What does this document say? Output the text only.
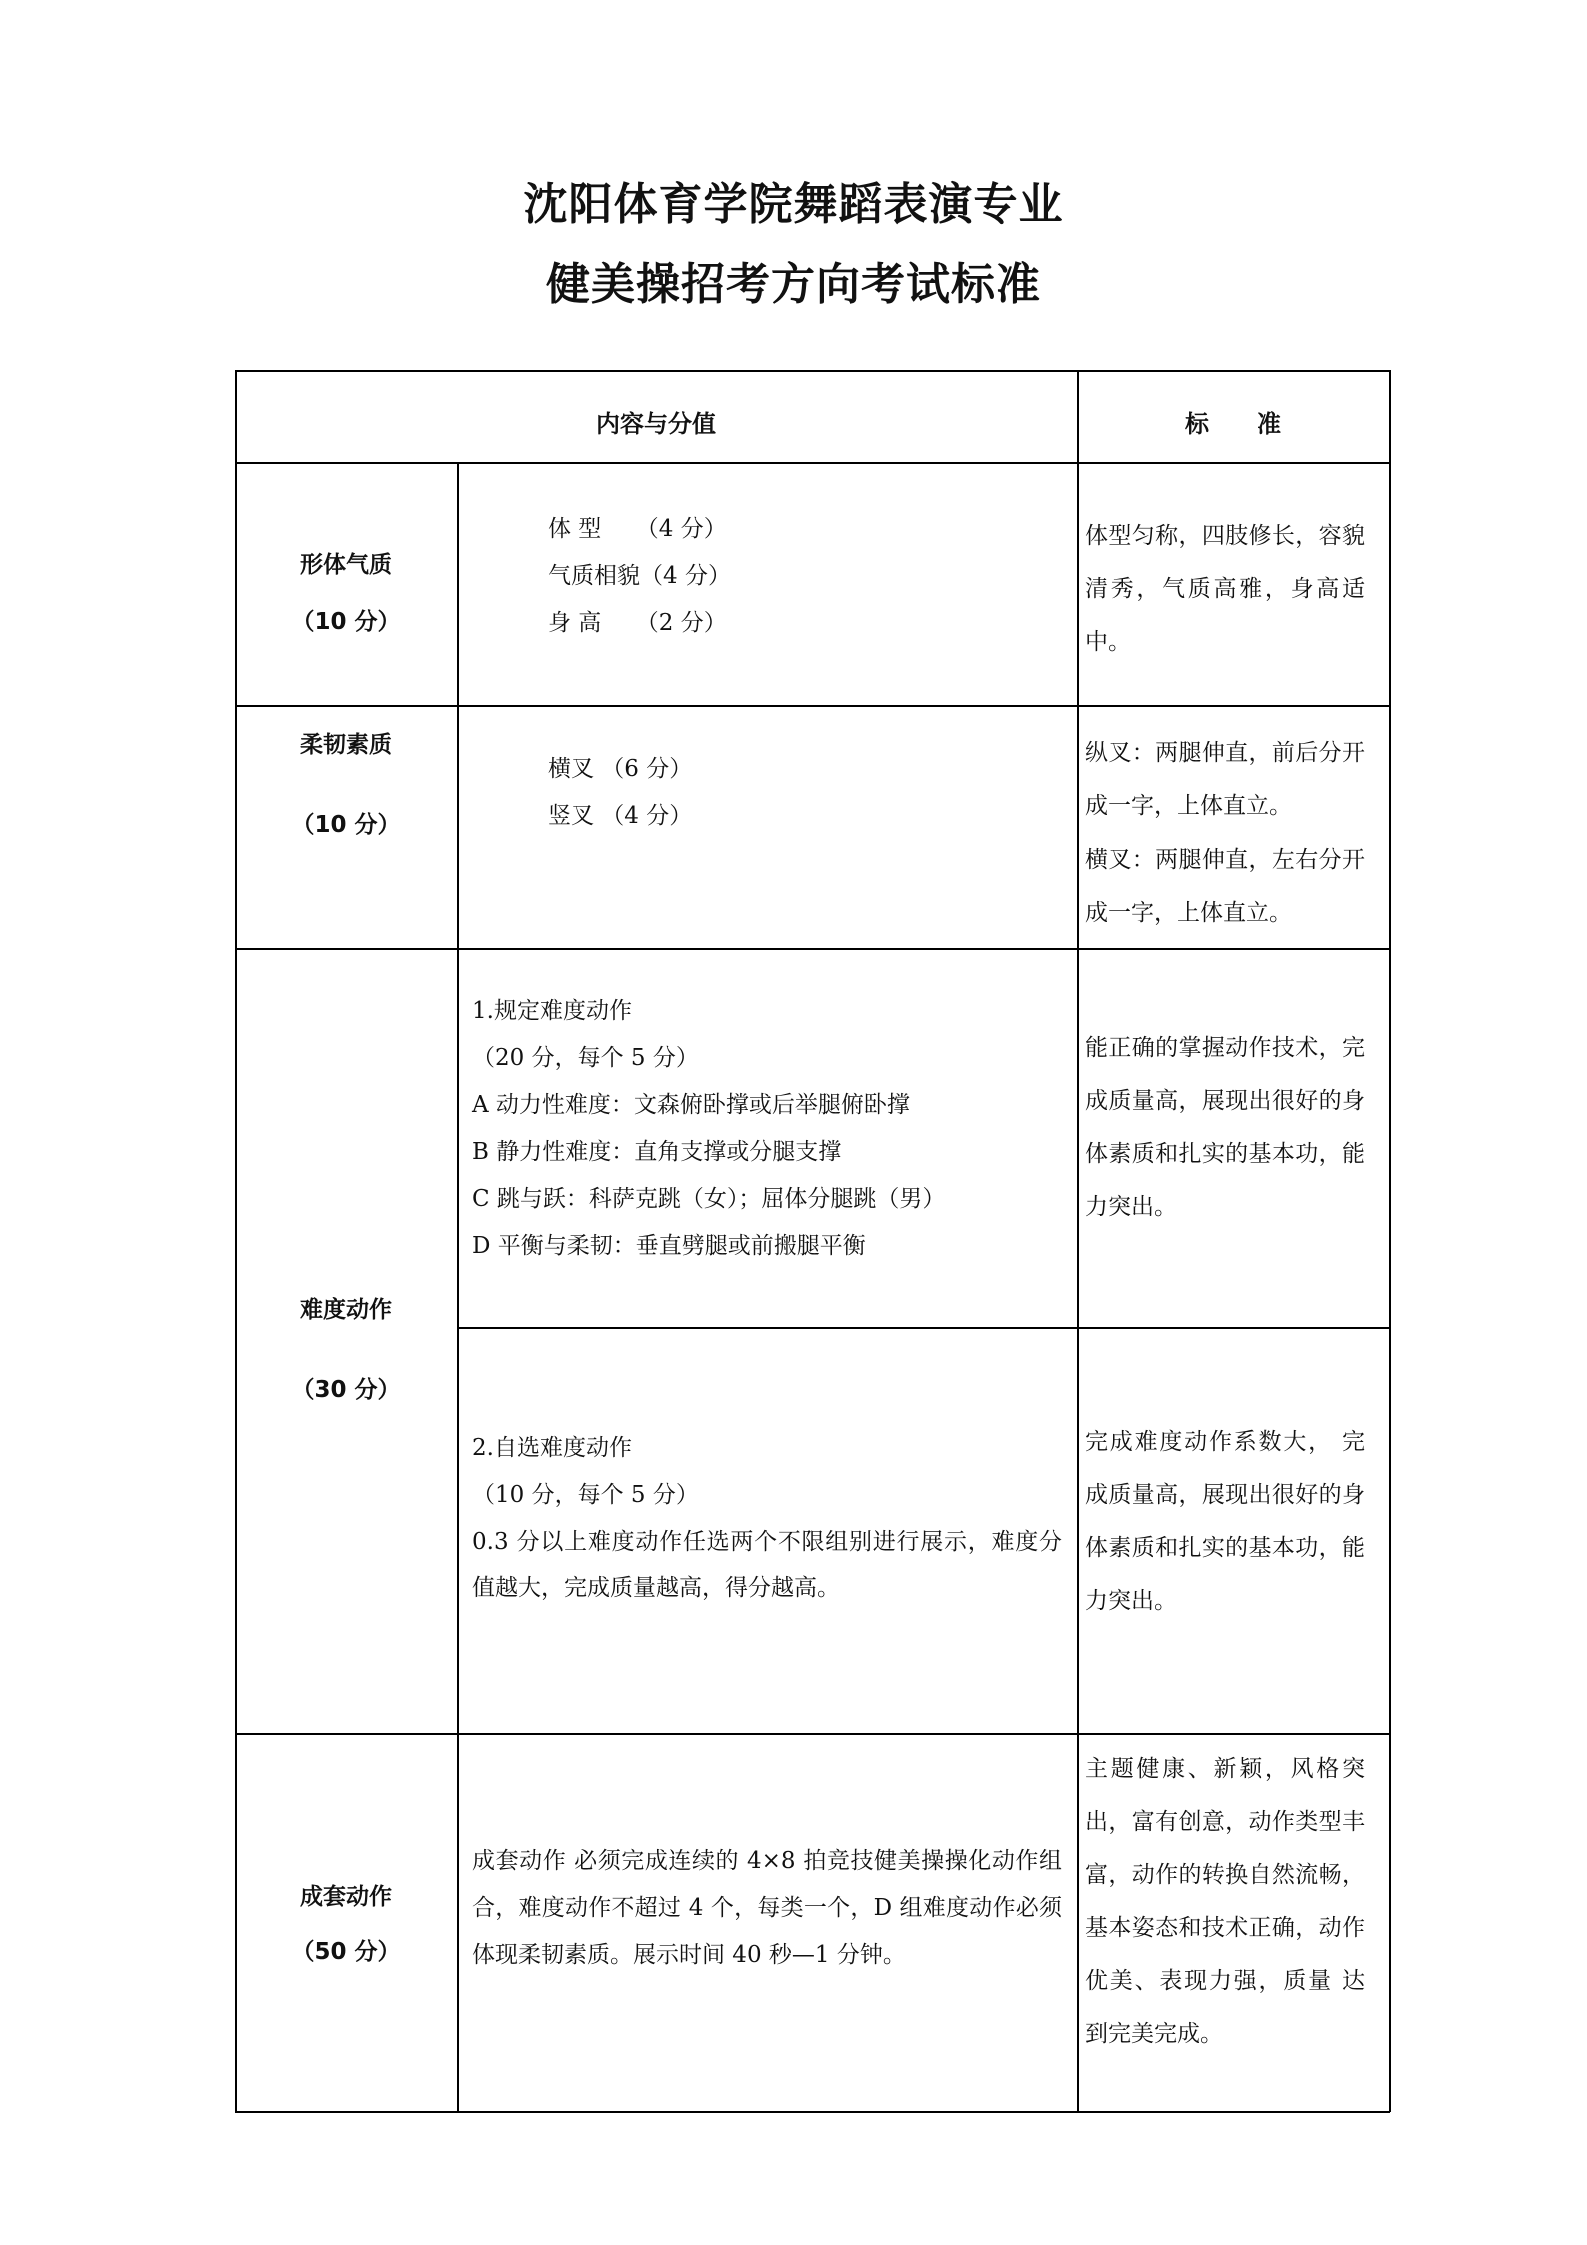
沈阳体育学院舞蹈表演专业
健美操招考方向考试标准
内容与分值	标　　准
形体气质
（10 分）
体 型　　（4 分）
气质相貌（4 分）
身 高　　（2 分）
体型匀称，四肢修长，容貌清秀，气质高雅，身高适中。
柔韧素质
（10 分）
横叉 （6 分）
竖叉 （4 分）
纵叉：两腿伸直，前后分开成一字，上体直立。
横叉：两腿伸直，左右分开成一字，上体直立。
难度动作
（30 分）
1.规定难度动作
（20 分，每个 5 分）
A 动力性难度：文森俯卧撑或后举腿俯卧撑
B 静力性难度：直角支撑或分腿支撑
C 跳与跃：科萨克跳（女）；屈体分腿跳（男）
D 平衡与柔韧：垂直劈腿或前搬腿平衡
能正确的掌握动作技术，完成质量高，展现出很好的身体素质和扎实的基本功，能力突出。
2.自选难度动作
（10 分，每个 5 分）
0.3 分以上难度动作任选两个不限组别进行展示，难度分值越大，完成质量越高，得分越高。
完成难度动作系数大， 完成质量高，展现出很好的身体素质和扎实的基本功，能力突出。
成套动作
（50 分）
成套动作 必须完成连续的 4×8 拍竞技健美操操化动作组合，难度动作不超过 4 个，每类一个，D 组难度动作必须体现柔韧素质。展示时间 40 秒—1 分钟。
主题健康、新颖，风格突出，富有创意，动作类型丰富，动作的转换自然流畅，基本姿态和技术正确，动作优美、表现力强，质量 达到完美完成。
